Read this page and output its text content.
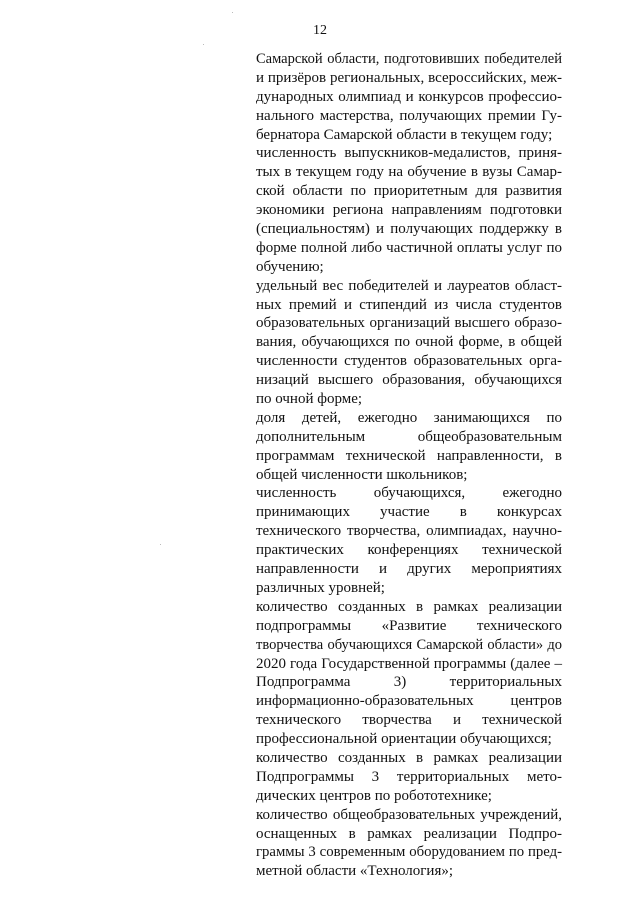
12
Самарской области, подготовивших победителей
и призёров региональных, всероссийских, меж-
дународных олимпиад и конкурсов профессио-
нального мастерства, получающих премии Гу-
бернатора Самарской области в текущем году;
численность выпускников-медалистов, приня-
тых в текущем году на обучение в вузы Самар-
ской области по приоритетным для развития
экономики региона направлениям подготовки
(специальностям) и получающих поддержку в
форме полной либо частичной оплаты услуг по
обучению;
удельный вес победителей и лауреатов област-
ных премий и стипендий из числа студентов
образовательных организаций высшего образо-
вания, обучающихся по очной форме, в общей
численности студентов образовательных орга-
низаций высшего образования, обучающихся
по очной форме;
доля детей, ежегодно занимающихся по
дополнительным общеобразовательным
программам технической направленности, в
общей численности школьников;
численность обучающихся, ежегодно
принимающих участие в конкурсах
технического творчества, олимпиадах, научно-
практических конференциях технической
направленности и других мероприятиях
различных уровней;
количество созданных в рамках реализации
подпрограммы «Развитие технического
творчества обучающихся Самарской области» до
2020 года Государственной программы (далее –
Подпрограмма 3) территориальных
информационно-образовательных центров
технического творчества и технической
профессиональной ориентации обучающихся;
количество созданных в рамках реализации
Подпрограммы 3 территориальных мето-
дических центров по робототехнике;
количество общеобразовательных учреждений,
оснащенных в рамках реализации Подпро-
граммы 3 современным оборудованием по пред-
метной области «Технология»;
